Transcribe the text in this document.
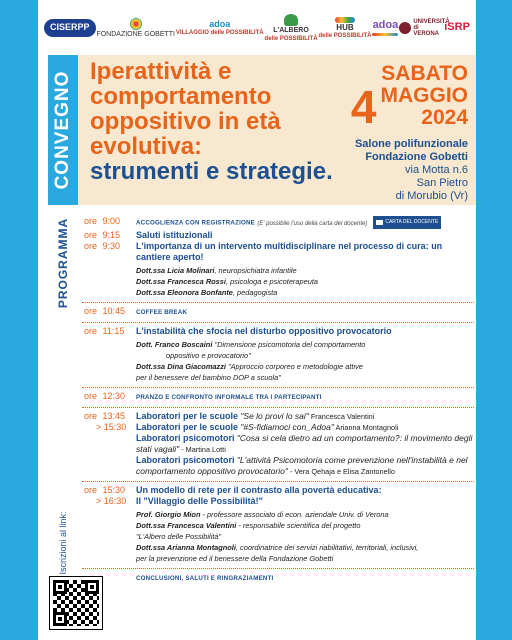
CISERPP
FONDAZIONE GOBETTI
adoa
VILLAGGIO delle POSSIBILITÀ	L'ALBERO
delle POSSIBILITÀ
HUB
delle POSSIBILITÀ
adoa	UNIVERSITÀ di VERONA
iSRP
CONVEGNO Iperattività e
comportamento
oppositivo in età
evolutiva:
strumenti e strategie.
SABATO
4 MAGGIO
2024
Salone polifunzionale
Fondazione Gobetti
via Motta n.6
San Pietro
di Morubio (Vr)
PROGRAMMA
Iscrizioni al link:
ore 9:00	ACCOGLIENZA CON REGISTRAZIONE (E' possibile l'uso della carta del docente)	CARTA DEL DOCENTE
ore 9:15	Saluti istituzionali
ore 9:30	L'importanza di un intervento multidisciplinare nel processo di cura: un cantiere aperto!
Dott.ssa Licia Molinari, neuropsichiatra infantile
Dott.ssa Francesca Rossi, psicologa e psicoterapeuta
Dott.ssa Eleonora Bonfante, pedagogista
ore 10:45	COFFEE BREAK
ore 11:15	L'instabilità che sfocia nel disturbo oppositivo provocatorio
Dott. Franco Boscaini "Dimensione psicomotoria del comportamento
oppositivo e provocatorio"
Dott.ssa Dina Giacomazzi "Approccio corporeo e metodologie attive
per il benessere del bambino DOP a scuola"
ore 12:30	PRANZO E CONFRONTO INFORMALE TRA I PARTECIPANTI
ore 13:45
> 15:30
Laboratori per le scuole "Se lo provi lo sai" Francesca Valentini
Laboratori per le scuole "#S-fidiamoci con_Adoa" Arianna Montagnoli
Laboratori psicomotori "Cosa si cela dietro ad un comportamento?: il movimento degli stati vagali" - Martina Lotti
Laboratori psicomotori "L'attività Psicomotoria come prevenzione nell'instabilità e nel comportamento oppositivo provocatorio" - Vera Qehaja e Elisa Zantonello
ore 15:30
> 16:30
Un modello di rete per il contrasto alla povertà educativa:
Il "Villaggio delle Possibilità!"
Prof. Giorgio Mion - professore associato di econ. aziendale Univ. di Verona
Dott.ssa Francesca Valentini - responsabile scientifica del progetto
"L'Albero delle Possibilità"
Dott.ssa Arianna Montagnoli, coordinatrice dei servizi riabilitativi, territoriali, inclusivi,
per la prevenzione ed il benessere della Fondazione Gobetti
CONCLUSIONI, SALUTI E RINGRAZIAMENTI
